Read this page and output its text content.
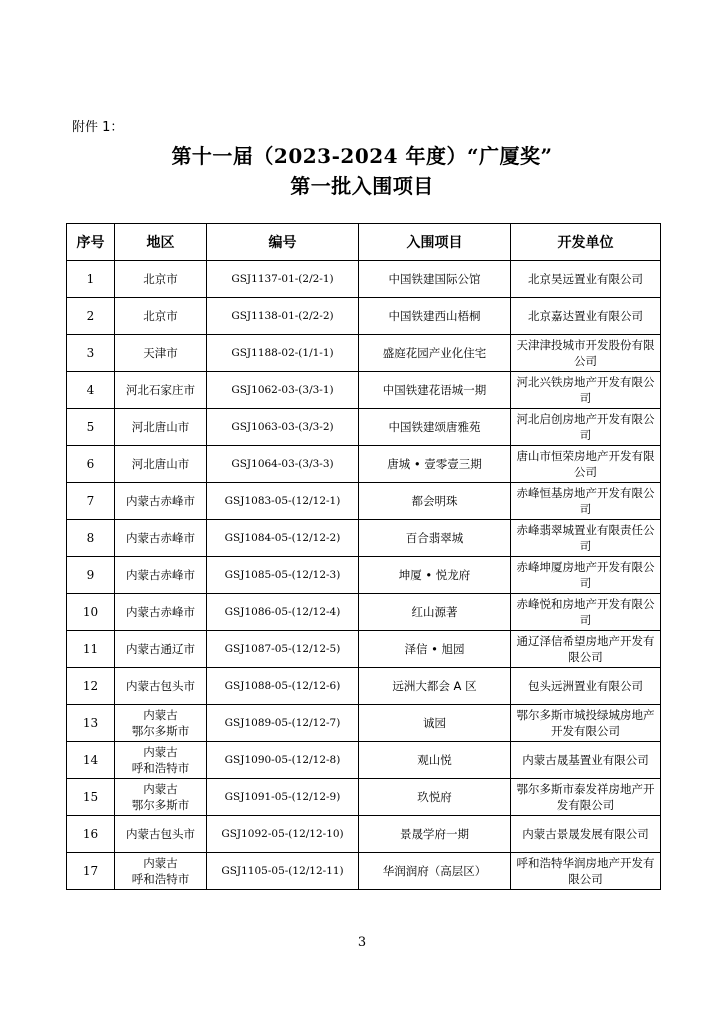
附件 1：
第十一届（2023-2024 年度）“广厦奖”
第一批入围项目
序号	地区	编号	入围项目	开发单位
1	北京市	GSJ1137-01-(2/2-1)	中国铁建国际公馆	北京昊远置业有限公司
2	北京市	GSJ1138-01-(2/2-2)	中国铁建西山梧桐	北京嘉达置业有限公司
3	天津市	GSJ1188-02-(1/1-1)	盛庭花园产业化住宅	天津津投城市开发股份有限公司
4	河北石家庄市	GSJ1062-03-(3/3-1)	中国铁建花语城一期	河北兴铁房地产开发有限公司
5	河北唐山市	GSJ1063-03-(3/3-2)	中国铁建颂唐雅苑	河北启创房地产开发有限公司
6	河北唐山市	GSJ1064-03-(3/3-3)	唐城 • 壹零壹三期	唐山市恒荣房地产开发有限公司
7	内蒙古赤峰市	GSJ1083-05-(12/12-1)	都会明珠	赤峰恒基房地产开发有限公司
8	内蒙古赤峰市	GSJ1084-05-(12/12-2)	百合翡翠城	赤峰翡翠城置业有限责任公司
9	内蒙古赤峰市	GSJ1085-05-(12/12-3)	坤厦 • 悦龙府	赤峰坤厦房地产开发有限公司
10	内蒙古赤峰市	GSJ1086-05-(12/12-4)	红山源著	赤峰悦和房地产开发有限公司
11	内蒙古通辽市	GSJ1087-05-(12/12-5)	泽信 • 旭园	通辽泽信希望房地产开发有限公司
12	内蒙古包头市	GSJ1088-05-(12/12-6)	远洲大都会 A 区	包头远洲置业有限公司
13	内蒙古
鄂尔多斯市	GSJ1089-05-(12/12-7)	诚园	鄂尔多斯市城投绿城房地产开发有限公司
14	内蒙古
呼和浩特市	GSJ1090-05-(12/12-8)	观山悦	内蒙古晟基置业有限公司
15	内蒙古
鄂尔多斯市	GSJ1091-05-(12/12-9)	玖悦府	鄂尔多斯市泰发祥房地产开发有限公司
16	内蒙古包头市	GSJ1092-05-(12/12-10)	景晟学府一期	内蒙古景晟发展有限公司
17	内蒙古
呼和浩特市	GSJ1105-05-(12/12-11)	华润润府（高层区）	呼和浩特华润房地产开发有限公司
3
